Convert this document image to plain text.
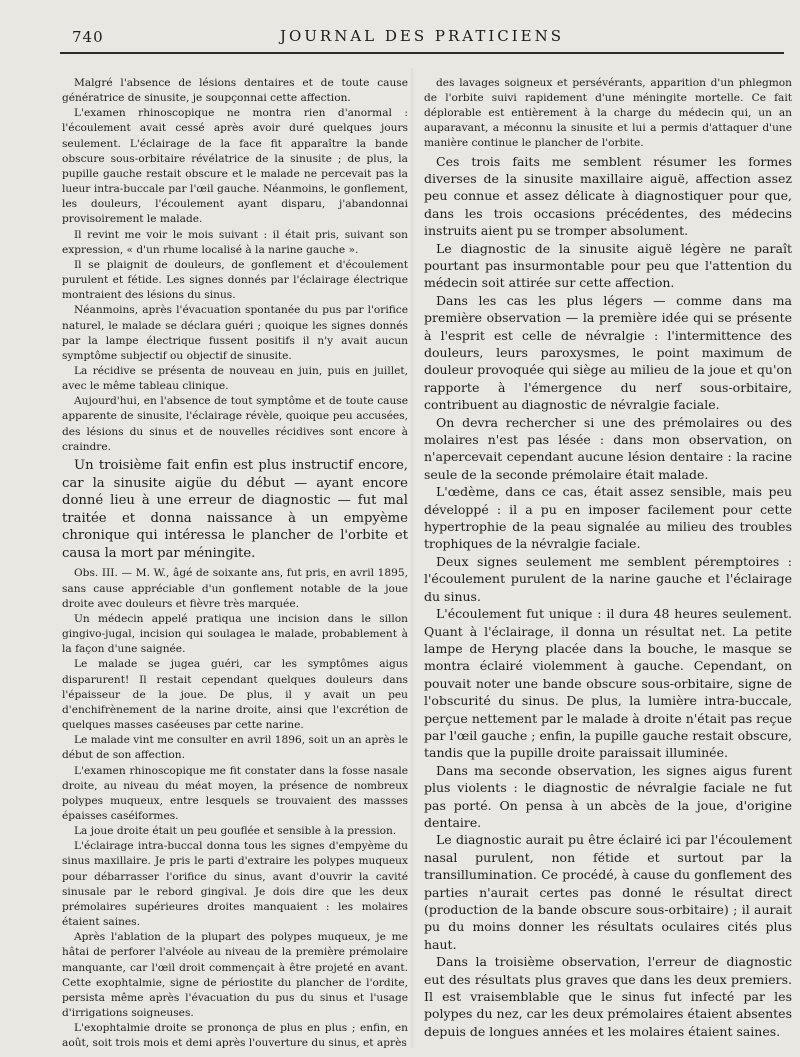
740	JOURNAL DES PRATICIENS

Malgré l'absence de lésions dentaires et de toute cause génératrice de sinusite, je soupçonnai cette affection.

L'examen rhinoscopique ne montra rien d'anormal : l'écoulement avait cessé après avoir duré quelques jours seulement. L'éclairage de la face fit apparaître la bande obscure sous-orbitaire révélatrice de la sinusite ; de plus, la pupille gauche restait obscure et le malade ne percevait pas la lueur intra-buccale par l'œil gauche. Néanmoins, le gonflement, les douleurs, l'écoulement ayant disparu, j'abandonnai provisoirement le malade.

Il revint me voir le mois suivant : il était pris, suivant son expression, « d'un rhume localisé à la narine gauche ».

Il se plaignit de douleurs, de gonflement et d'écoulement purulent et fétide. Les signes donnés par l'éclairage électrique montraient des lésions du sinus.

Néanmoins, après l'évacuation spontanée du pus par l'orifice naturel, le malade se déclara guéri ; quoique les signes donnés par la lampe électrique fussent positifs il n'y avait aucun symptôme subjectif ou objectif de sinusite.

La récidive se présenta de nouveau en juin, puis en juillet, avec le même tableau clinique.

Aujourd'hui, en l'absence de tout symptôme et de toute cause apparente de sinusite, l'éclairage révèle, quoique peu accusées, des lésions du sinus et de nouvelles récidives sont encore à craindre.

Un troisième fait enfin est plus instructif encore, car la sinusite aigüe du début — ayant encore donné lieu à une erreur de diagnostic — fut mal traitée et donna naissance à un empyème chronique qui intéressa le plancher de l'orbite et causa la mort par méningite.

Obs. III. — M. W., âgé de soixante ans, fut pris, en avril 1895, sans cause appréciable d'un gonflement notable de la joue droite avec douleurs et fièvre très marquée.

Un médecin appelé pratiqua une incision dans le sillon gingivo-jugal, incision qui soulagea le malade, probablement à la façon d'une saignée.

Le malade se jugea guéri, car les symptômes aigus disparurent! Il restait cependant quelques douleurs dans l'épaisseur de la joue. De plus, il y avait un peu d'enchifrènement de la narine droite, ainsi que l'excrétion de quelques masses caséeuses par cette narine.

Le malade vint me consulter en avril 1896, soit un an après le début de son affection.

L'examen rhinoscopique me fit constater dans la fosse nasale droite, au niveau du méat moyen, la présence de nombreux polypes muqueux, entre lesquels se trouvaient des massses épaisses caséiformes.

La joue droite était un peu gouflée et sensible à la pression.

L'éclairage intra-buccal donna tous les signes d'empyème du sinus maxillaire. Je pris le parti d'extraire les polypes muqueux pour débarrasser l'orifice du sinus, avant d'ouvrir la cavité sinusale par le rebord gingival. Je dois dire que les deux prémolaires supérieures droites manquaient : les molaires étaient saines.

Après l'ablation de la plupart des polypes muqueux, je me hâtai de perforer l'alvéole au niveau de la première prémolaire manquante, car l'œil droit commençait à être projeté en avant. Cette exophtalmie, signe de périostite du plancher de l'ordite, persista même après l'évacuation du pus du sinus et l'usage d'irrigations soigneuses.

L'exophtalmie droite se prononça de plus en plus ; enfin, en août, soit trois mois et demi après l'ouverture du sinus, et après

des lavages soigneux et persévérants, apparition d'un phlegmon de l'orbite suivi rapidement d'une méningite mortelle. Ce fait déplorable est entièrement à la charge du médecin qui, un an auparavant, a méconnu la sinusite et lui a permis d'attaquer d'une manière continue le plancher de l'orbite.

Ces trois faits me semblent résumer les formes diverses de la sinusite maxillaire aiguë, affection assez peu connue et assez délicate à diagnostiquer pour que, dans les trois occasions précédentes, des médecins instruits aient pu se tromper absolument.

Le diagnostic de la sinusite aiguë légère ne paraît pourtant pas insurmontable pour peu que l'attention du médecin soit attirée sur cette affection.

Dans les cas les plus légers — comme dans ma première observation — la première idée qui se présente à l'esprit est celle de névralgie : l'intermittence des douleurs, leurs paroxysmes, le point maximum de douleur provoquée qui siège au milieu de la joue et qu'on rapporte à l'émergence du nerf sous-orbitaire, contribuent au diagnostic de névralgie faciale.

On devra rechercher si une des prémolaires ou des molaires n'est pas lésée : dans mon observation, on n'apercevait cependant aucune lésion dentaire : la racine seule de la seconde prémolaire était malade.

L'œdème, dans ce cas, était assez sensible, mais peu développé : il a pu en imposer facilement pour cette hypertrophie de la peau signalée au milieu des troubles trophiques de la névralgie faciale.

Deux signes seulement me semblent péremptoires : l'écoulement purulent de la narine gauche et l'éclairage du sinus.

L'écoulement fut unique : il dura 48 heures seulement. Quant à l'éclairage, il donna un résultat net. La petite lampe de Heryng placée dans la bouche, le masque se montra éclairé violemment à gauche. Cependant, on pouvait noter une bande obscure sous-orbitaire, signe de l'obscurité du sinus. De plus, la lumière intra-buccale, perçue nettement par le malade à droite n'était pas reçue par l'œil gauche ; enfin, la pupille gauche restait obscure, tandis que la pupille droite paraissait illuminée.

Dans ma seconde observation, les signes aigus furent plus violents : le diagnostic de névralgie faciale ne fut pas porté. On pensa à un abcès de la joue, d'origine dentaire.

Le diagnostic aurait pu être éclairé ici par l'écoulement nasal purulent, non fétide et surtout par la transillumination. Ce procédé, à cause du gonflement des parties n'aurait certes pas donné le résultat direct (production de la bande obscure sous-orbitaire) ; il aurait pu du moins donner les résultats oculaires cités plus haut.

Dans la troisième observation, l'erreur de diagnostic eut des résultats plus graves que dans les deux premiers. Il est vraisemblable que le sinus fut infecté par les polypes du nez, car les deux prémolaires étaient absentes depuis de longues années et les molaires étaient saines.
